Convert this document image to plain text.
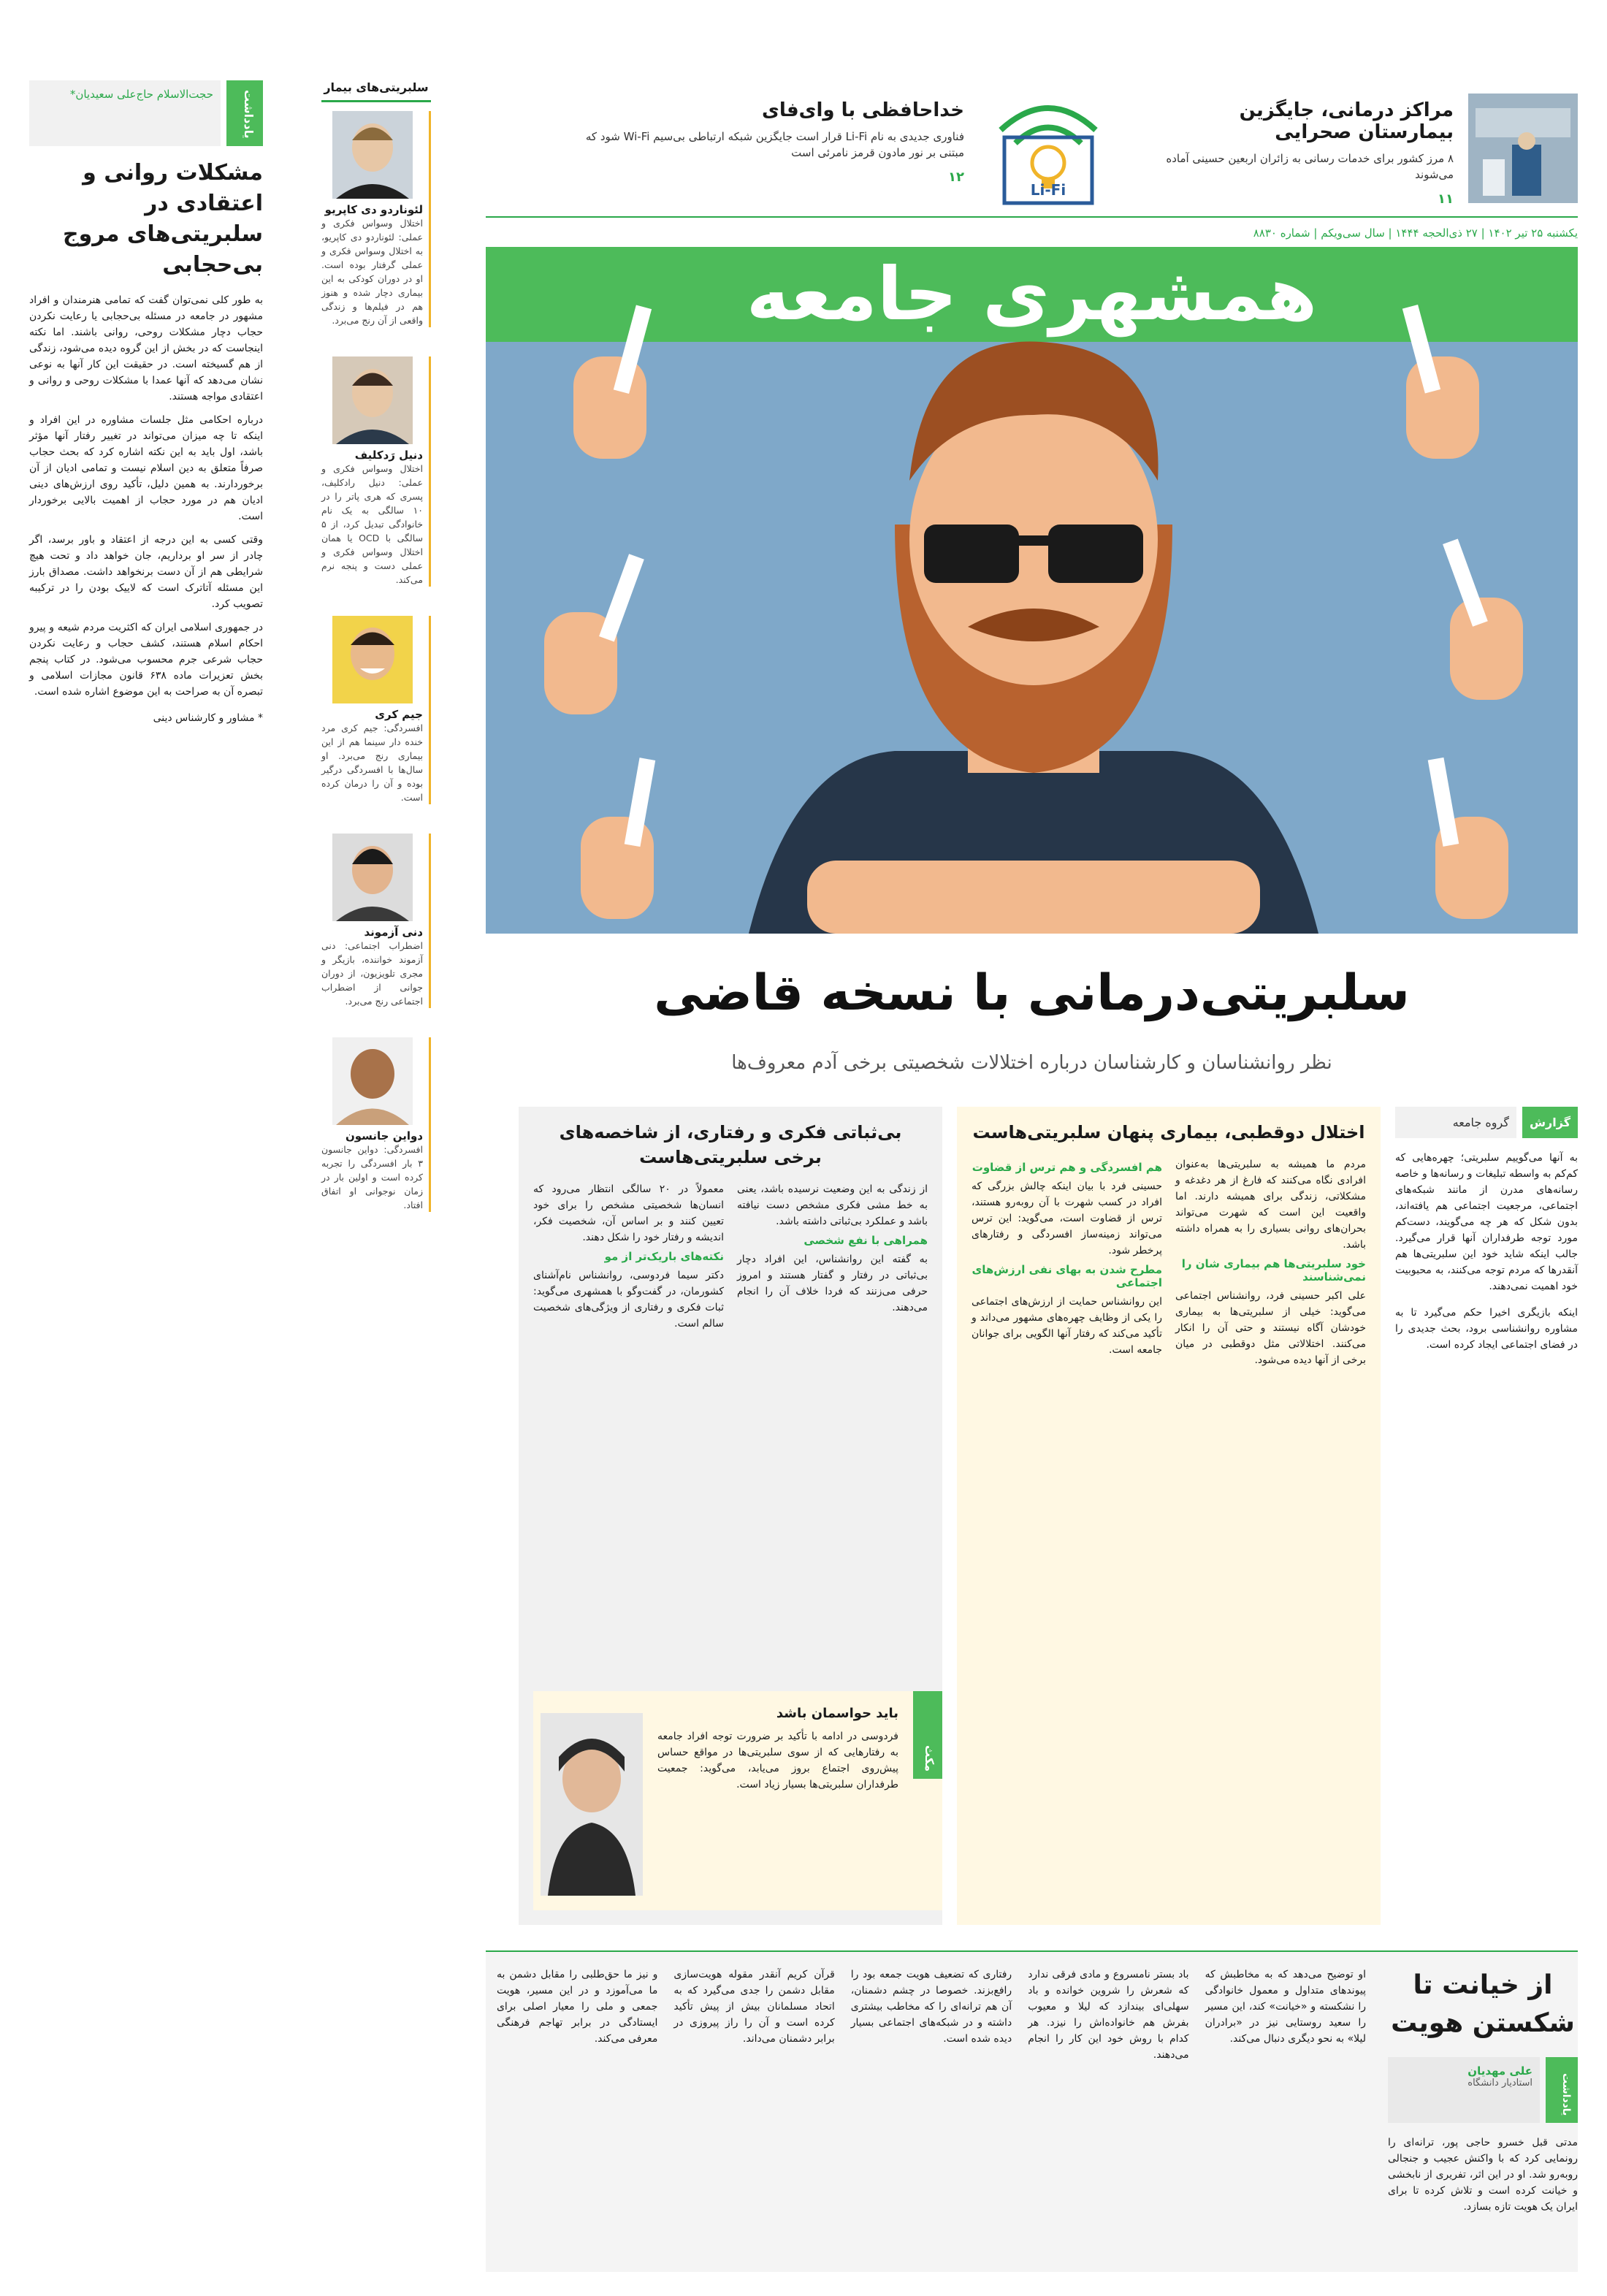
مراکز درمانی، جایگزین بیمارستان صحرایی
۸ مرز کشور برای خدمات رسانی به زائران اربعین حسینی آماده می‌شوند
۱۱
Li-Fi
خداحافظی با وای‌فای
فناوری جدیدی به نام Li-Fi قرار است جایگزین شبکه ارتباطی بی‌سیم Wi-Fi شود که مبتنی بر نور مادون قرمز نامرئی است
۱۲
یکشنبه ۲۵ تیر ۱۴۰۲ | ۲۷ ذی‌الحجه ۱۴۴۴ | سال سی‌ویکم | شماره ۸۸۳۰
همشهری جامعه
سلبریتی‌درمانی با نسخه قاضی
نظر روانشناسان و کارشناسان درباره اختلالات شخصیتی برخی آدم معروف‌ها
گزارش
گروه جامعه

به آنها می‌گوییم سلبریتی؛ چهره‌هایی که کم‌کم به واسطه تبلیغات و رسانه‌ها و خاصه رسانه‌های مدرن از مانند شبکه‌های اجتماعی، مرجعیت اجتماعی هم یافته‌اند، بدون شکل که هر چه می‌گویند، دست‌کم مورد توجه طرفداران آنها قرار می‌گیرد. جالب اینکه شاید خود این سلبریتی‌ها هم آنقدرها که مردم توجه می‌کنند، به محبوبیت خود اهمیت نمی‌دهند.

اینکه بازیگری اخیرا حکم می‌گیرد تا به مشاوره روانشناسی برود، بحث جدیدی را در فضای اجتماعی ایجاد کرده است.

اختلال دوقطبی، بیماری پنهان سلبریتی‌هاست

مردم ما همیشه به سلبریتی‌ها به‌عنوان افرادی نگاه می‌کنند که فارغ از هر دغدغه و مشکلاتی، زندگی برای همیشه دارند. اما واقعیت این است که شهرت می‌تواند بحران‌های روانی بسیاری را به همراه داشته باشد.

خود سلبریتی‌ها هم بیماری شان را نمی‌شناسند

علی اکبر حسینی فرد، روانشناس اجتماعی می‌گوید: خیلی از سلبریتی‌ها به بیماری خودشان آگاه نیستند و حتی آن را انکار می‌کنند. اختلالاتی مثل دوقطبی در میان برخی از آنها دیده می‌شود.

هم افسردگی و هم ترس از قضاوت

حسینی فرد با بیان اینکه چالش بزرگی که افراد در کسب شهرت با آن روبه‌رو هستند، ترس از قضاوت است، می‌گوید: این ترس می‌تواند زمینه‌ساز افسردگی و رفتارهای پرخطر شود.

مطرح شدن به بهای نفی ارزش‌های اجتماعی

این روانشناس حمایت از ارزش‌های اجتماعی را یکی از وظایف چهره‌های مشهور می‌داند و تأکید می‌کند که رفتار آنها الگویی برای جوانان جامعه است.

بی‌ثباتی فکری و رفتاری، از شاخصه‌های برخی سلبریتی‌هاست

از زندگی به این وضعیت نرسیده باشد، یعنی به خط مشی فکری مشخص دست نیافته باشد و عملکرد بی‌ثباتی داشته باشد.

همراهی با نفع شخصی

به گفته این روانشناس، این افراد دچار بی‌ثباتی در رفتار و گفتار هستند و امروز حرفی می‌زنند که فردا خلاف آن را انجام می‌دهند.

معمولاً در ۲۰ سالگی انتظار می‌رود که انسان‌ها شخصیتی مشخص را برای خود تعیین کنند و بر اساس آن، شخصیت فکر، اندیشه و رفتار خود را شکل دهند.

نکته‌های باریک‌تر از مو

دکتر سیما فردوسی، روانشناس نام‌آشنای کشورمان، در گفت‌وگو با همشهری می‌گوید: ثبات فکری و رفتاری از ویژگی‌های شخصیت سالم است.

مکث
باید حواسمان باشد

فردوسی در ادامه با تأکید بر ضرورت توجه افراد جامعه به رفتارهایی که از سوی سلبریتی‌ها در مواقع حساس پیش‌روی اجتماع بروز می‌یابد، می‌گوید: جمعیت طرفداران سلبریتی‌ها بسیار زیاد است.

سلبریتی‌های بیمار
لئوناردو دی کاپریو
اختلال وسواس فکری و عملی: لئوناردو دی کاپریو، به اختلال وسواس فکری و عملی گرفتار بوده است. او در دوران کودکی به این بیماری دچار شده و هنوز هم در فیلم‌ها و زندگی واقعی از آن رنج می‌برد.
دنیل رَدکلیف
اختلال وسواس فکری و عملی: دنیل رادکلیف، پسری که هری پاتر را در ۱۰ سالگی به یک نام خانوادگی تبدیل کرد، از ۵ سالگی با OCD یا همان اختلال وسواس فکری و عملی دست و پنجه نرم می‌کند.
جیم کری
افسردگی: جیم کری مرد خنده دار سینما هم از این بیماری رنج می‌برد. او سال‌ها با افسردگی درگیر بوده و آن را درمان کرده است.
دنی آزموند
اضطراب اجتماعی: دنی آزموند خواننده، بازیگر و مجری تلویزیون، از دوران جوانی از اضطراب اجتماعی رنج می‌برد.
دواین جانسون
افسردگی: دواین جانسون ۳ بار افسردگی را تجربه کرده است و اولین بار در زمان نوجوانی او اتفاق افتاد.
یادداشت
حجت‌الاسلام حاج‌علی سعیدیان*
مشکلات روانی و اعتقادی در سلبریتی‌های مروج بی‌حجابی

به طور کلی نمی‌توان گفت که تمامی هنرمندان و افراد مشهور در جامعه در مسئله بی‌حجابی یا رعایت نکردن حجاب دچار مشکلات روحی، روانی باشند. اما نکته اینجاست که در بخش از این گروه دیده می‌شود، زندگی از هم گسیخته است. در حقیقت این کار آنها به نوعی نشان می‌دهد که آنها عمدا با مشکلات روحی و روانی و اعتقادی مواجه هستند.

درباره احکامی مثل جلسات مشاوره در این افراد و اینکه تا چه میزان می‌تواند در تغییر رفتار آنها مؤثر باشد، اول باید به این نکته اشاره کرد که بحث حجاب صرفاً متعلق به دین اسلام نیست و تمامی ادیان از آن برخوردارند. به همین دلیل، تأکید روی ارزش‌های دینی ادیان هم در مورد حجاب از اهمیت بالایی برخوردار است.

وقتی کسی به این درجه از اعتقاد و باور برسد، اگر چادر از سر او برداریم، جان خواهد داد و تحت هیچ شرایطی هم از آن دست برنخواهد داشت. مصداق بارز این مسئله آتاترک است که لاییک بودن را در ترکیبه تصویب کرد.

در جمهوری اسلامی ایران که اکثریت مردم شیعه و پیرو احکام اسلام هستند، کشف حجاب و رعایت نکردن حجاب شرعی جرم محسوب می‌شود. در کتاب پنجم بخش تعزیرات ماده ۶۳۸ قانون مجازات اسلامی و تبصره آن به صراحت به این موضوع اشاره شده است.

* مشاور و کارشناس دینی

از خیانت تا شکستن هویت
یادداشت
علی مهدیان
استادیار دانشگاه

مدتی قبل خسرو حاجی پور، ترانه‌ای را رونمایی کرد که با واکنش عجیب و جنجالی روبه‌رو شد. او در این اثر، تفریری از نابخشی و خیانت کرده است و تلاش کرده تا برای ایران یک هویت تازه بسازد.

او توضیح می‌دهد که به مخاطبش که پیوندهای متداول و معمول خانوادگی را نشکسته و «خیانت» کند، این مسیر را سعید روستایی نیز در «برادران لیلا» به نحو دیگری دنبال می‌کند.

باد بستر نامسروع و مادی فرقی ندارد که شعرش را شروین خوانده و باد سهلی‌ای بیندازد که لیلا و معیوب بفرش هم خانواده‌اش را نیزد. هر کدام با روش خود این کار را انجام می‌دهند.

رفتاری که تضعیف هویت جمعه بود را رافع‌بزند. خصوصا در چشم دشمنان، آن هم ترانه‌ای را که مخاطب بیشتری داشته و در شبکه‌های اجتماعی بسیار دیده شده است.

قرآن کریم آنقدر مقوله هویت‌سازی مقابل دشمن را جدی می‌گیرد که به اتحاد مسلمانان بیش از پیش تأکید کرده است و آن را راز پیروزی در برابر دشمنان می‌داند.

و نیز ما حق‌طلبی را مقابل دشمن به ما می‌آموزد و در این مسیر، هویت جمعی و ملی را معیار اصلی برای ایستادگی در برابر تهاجم فرهنگی معرفی می‌کند.
